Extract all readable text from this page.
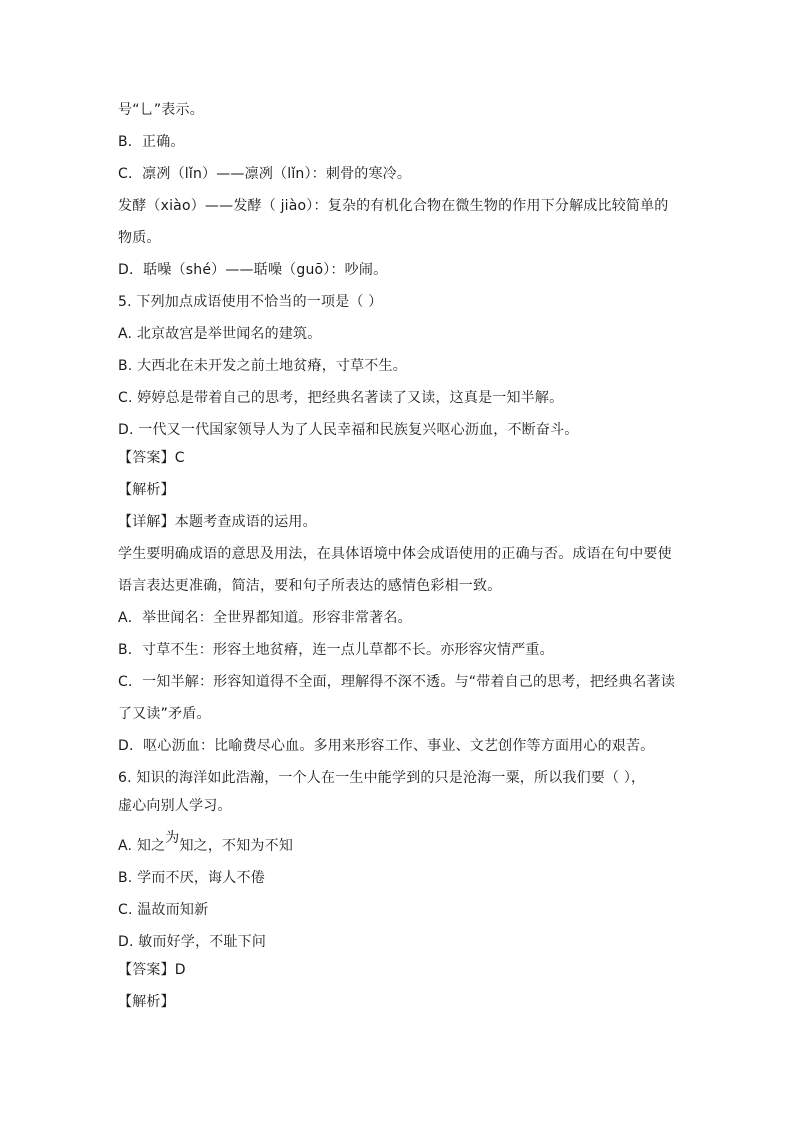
号“乚”表示。
B．正确。
C．凛冽（lǐn）——凛冽（lǐn）：刺骨的寒冷。
发酵（xiào）——发酵（ jiào）：复杂的有机化合物在微生物的作用下分解成比较简单的
物质。
D．聒噪（shé）——聒噪（guō）：吵闹。
5. 下列加点成语使用不恰当的一项是（ ）
A. 北京故宫是举世闻名的建筑。
B. 大西北在未开发之前土地贫瘠，寸草不生。
C. 婷婷总是带着自己的思考，把经典名著读了又读，这真是一知半解。
D. 一代又一代国家领导人为了人民幸福和民族复兴呕心沥血，不断奋斗。
【答案】C
【解析】
【详解】本题考查成语的运用。
学生要明确成语的意思及用法，在具体语境中体会成语使用的正确与否。成语在句中要使
语言表达更准确，简洁，要和句子所表达的感情色彩相一致。
A．举世闻名：全世界都知道。形容非常著名。
B．寸草不生：形容土地贫瘠，连一点儿草都不长。亦形容灾情严重。
C．一知半解：形容知道得不全面，理解得不深不透。与“带着自己的思考，把经典名著读
了又读”矛盾。
D．呕心沥血：比喻费尽心血。多用来形容工作、事业、文艺创作等方面用心的艰苦。
6. 知识的海洋如此浩瀚，一个人在一生中能学到的只是沧海一粟，所以我们要（ ），
虚心向别人学习。
A. 知之为知之，不知为不知
B. 学而不厌，诲人不倦
C. 温故而知新
D. 敏而好学，不耻下问
【答案】D
【解析】
